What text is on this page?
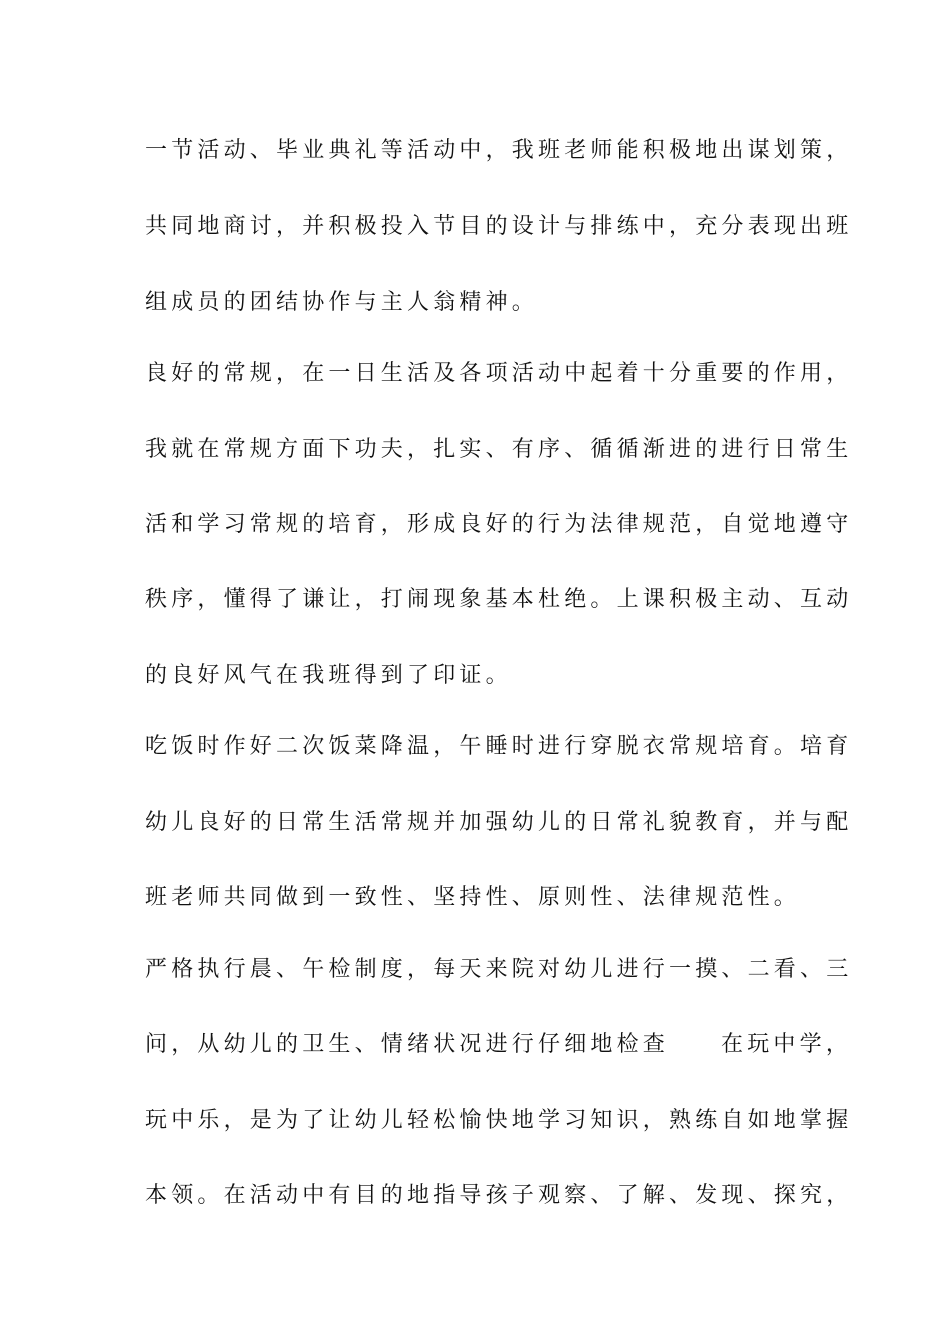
一节活动、毕业典礼等活动中，我班老师能积极地出谋划策，
共同地商讨，并积极投入节目的设计与排练中，充分表现出班
组成员的团结协作与主人翁精神。
良好的常规，在一日生活及各项活动中起着十分重要的作用，
我就在常规方面下功夫，扎实、有序、循循渐进的进行日常生
活和学习常规的培育，形成良好的行为法律规范，自觉地遵守
秩序，懂得了谦让，打闹现象基本杜绝。上课积极主动、互动
的良好风气在我班得到了印证。
吃饭时作好二次饭菜降温，午睡时进行穿脱衣常规培育。培育
幼儿良好的日常生活常规并加强幼儿的日常礼貌教育，并与配
班老师共同做到一致性、坚持性、原则性、法律规范性。
严格执行晨、午检制度，每天来院对幼儿进行一摸、二看、三
问，从幼儿的卫生、情绪状况进行仔细地检查 在玩中学，
玩中乐，是为了让幼儿轻松愉快地学习知识，熟练自如地掌握
本领。在活动中有目的地指导孩子观察、了解、发现、探究，
